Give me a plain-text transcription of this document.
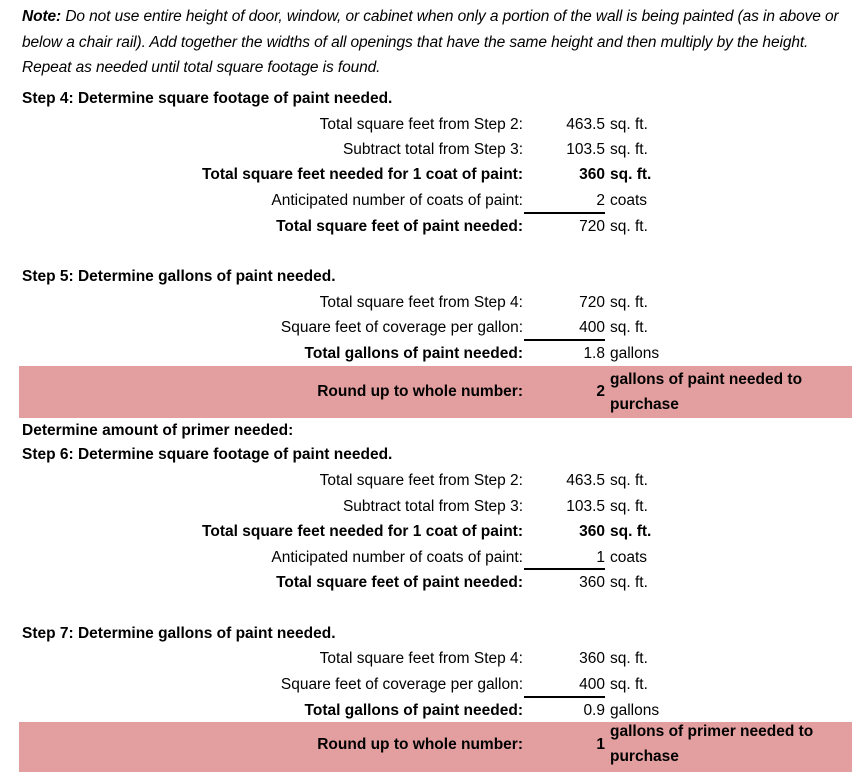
Note: Do not use entire height of door, window, or cabinet when only a portion of the wall is being painted (as in above or below a chair rail). Add together the widths of all openings that have the same height and then multiply by the height. Repeat as needed until total square footage is found.
Step 4: Determine square footage of paint needed.
Total square feet from Step 2:	463.5 sq. ft.
Subtract total from Step 3:	103.5 sq. ft.
Total square feet needed for 1 coat of paint:	360 sq. ft.
Anticipated number of coats of paint:	2 coats
Total square feet of paint needed:	720 sq. ft.
Step 5: Determine gallons of paint needed.
Total square feet from Step 4:	720 sq. ft.
Square feet of coverage per gallon:	400 sq. ft.
Total gallons of paint needed:	1.8 gallons
Round up to whole number:	2
gallons of paint needed to purchase
Determine amount of primer needed:
Step 6: Determine square footage of paint needed.
Total square feet from Step 2:	463.5 sq. ft.
Subtract total from Step 3:	103.5 sq. ft.
Total square feet needed for 1 coat of paint:	360 sq. ft.
Anticipated number of coats of paint:	1 coats
Total square feet of paint needed:	360 sq. ft.
Step 7: Determine gallons of paint needed.
Total square feet from Step 4:	360 sq. ft.
Square feet of coverage per gallon:	400 sq. ft.
Total gallons of paint needed:	0.9 gallons
Round up to whole number:	1
gallons of primer needed to purchase
